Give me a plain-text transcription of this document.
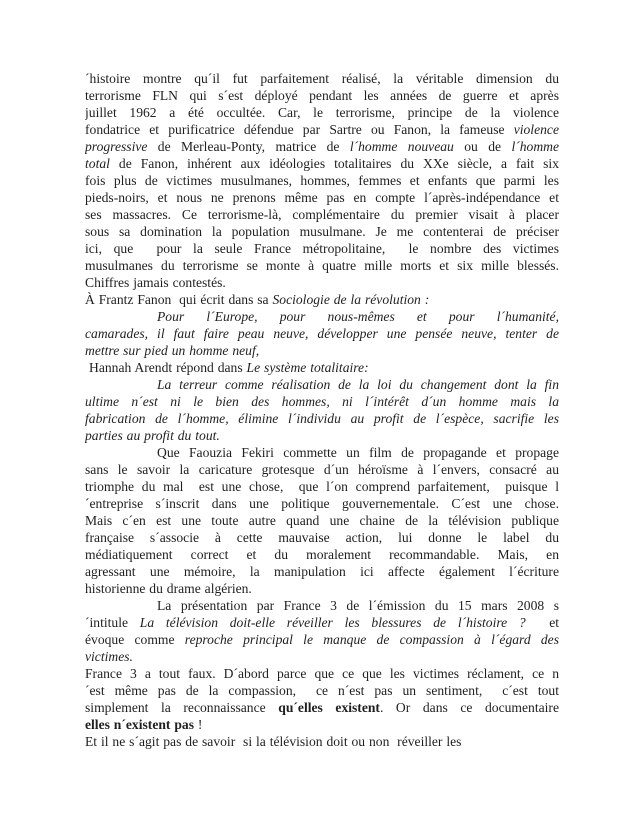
´histoire montre qu´il fut parfaitement réalisé, la véritable dimension du
terrorisme FLN qui s´est déployé pendant les années de guerre et après
juillet 1962 a été occultée. Car, le terrorisme, principe de la violence
fondatrice et purificatrice défendue par Sartre ou Fanon, la fameuse violence
progressive de Merleau-Ponty, matrice de l´homme nouveau ou de l´homme
total de Fanon, inhérent aux idéologies totalitaires du XXe siècle, a fait six
fois plus de victimes musulmanes, hommes, femmes et enfants que parmi les
pieds-noirs, et nous ne prenons même pas en compte l´après-indépendance et
ses massacres. Ce terrorisme-là, complémentaire du premier visait à placer
sous sa domination la population musulmane. Je me contenterai de préciser
ici, que  pour la seule France métropolitaine,  le nombre des victimes
musulmanes du terrorisme se monte à quatre mille morts et six mille blessés.
Chiffres jamais contestés.
À Frantz Fanon  qui écrit dans sa Sociologie de la révolution :
Pour l´Europe, pour nous-mêmes et pour l´humanité,
camarades, il faut faire peau neuve, développer une pensée neuve, tenter de
mettre sur pied un homme neuf,
Hannah Arendt répond dans Le système totalitaire:
La terreur comme réalisation de la loi du changement dont la fin
ultime n´est ni le bien des hommes, ni l´intérêt d´un homme mais la
fabrication de l´homme, élimine l´individu au profit de l´espèce, sacrifie les
parties au profit du tout.
Que Faouzia Fekiri commette un film de propagande et propage
sans le savoir la caricature grotesque d´un héroïsme à l´envers, consacré au
triomphe du mal  est une chose,  que l´on comprend parfaitement,  puisque l
´entreprise s´inscrit dans une politique gouvernementale. C´est une chose.
Mais c´en est une toute autre quand une chaine de la télévision publique
française s´associe à cette mauvaise action, lui donne le label du
médiatiquement correct et du moralement recommandable. Mais, en
agressant une mémoire, la manipulation ici affecte également l´écriture
historienne du drame algérien.
La présentation par France 3 de l´émission du 15 mars 2008 s
´intitule La télévision doit-elle réveiller les blessures de l´histoire ?  et
évoque comme reproche principal le manque de compassion à l´égard des
victimes.
France 3 a tout faux. D´abord parce que ce que les victimes réclament, ce n
´est même pas de la compassion,  ce n´est pas un sentiment,  c´est tout
simplement la reconnaissance qu´elles existent. Or dans ce documentaire
elles n´existent pas !
Et il ne s´agit pas de savoir  si la télévision doit ou non  réveiller les
